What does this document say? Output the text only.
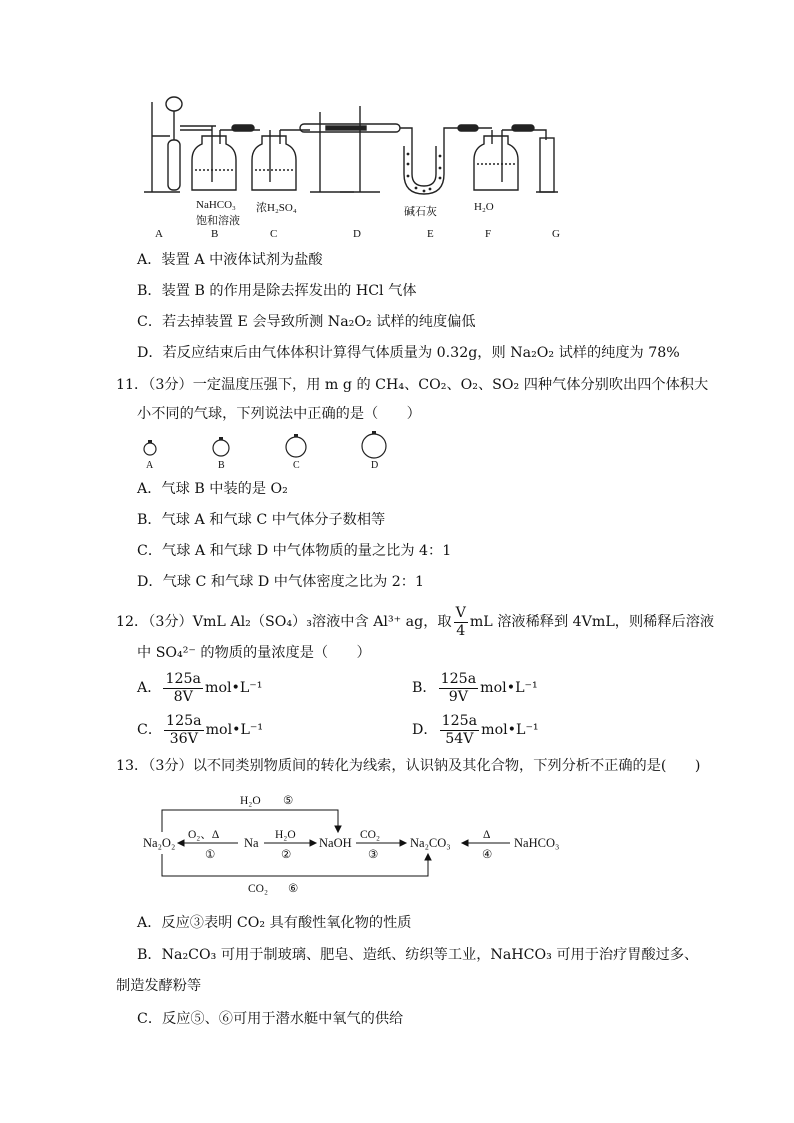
NaHCO₃
饱和溶液
浓H₂SO₄	碱石灰	H₂O
A	B	C	D	E	F	G
A．装置 A 中液体试剂为盐酸
B．装置 B 的作用是除去挥发出的 HCl 气体
C．若去掉装置 E 会导致所测 Na₂O₂ 试样的纯度偏低
D．若反应结束后由气体体积计算得气体质量为 0.32g，则 Na₂O₂ 试样的纯度为 78%
11．（3分）一定温度压强下，用 m g 的 CH₄、CO₂、O₂、SO₂ 四种气体分别吹出四个体积大
小不同的气球，下列说法中正确的是（　　）
A	B	C	D
A．气球 B 中装的是 O₂
B．气球 A 和气球 C 中气体分子数相等
C．气球 A 和气球 D 中气体物质的量之比为 4：1
D．气球 C 和气球 D 中气体密度之比为 2：1
12．（3分）VmL Al₂（SO₄）₃溶液中含 Al³⁺ ag，取 $\frac{V}{4}$ mL 溶液稀释到 4VmL，则稀释后溶液
中 SO₄²⁻ 的物质的量浓度是（　　）
A． $\frac{125a}{8V}$ mol•L⁻¹	B． $\frac{125a}{9V}$ mol•L⁻¹
C． $\frac{125a}{36V}$ mol•L⁻¹	D． $\frac{125a}{54V}$ mol•L⁻¹
13．（3分）以不同类别物质间的转化为线索，认识钠及其化合物，下列分析不正确的是(　　)
Na₂O₂	Na	NaOH	Na₂CO₃	NaHCO₃
O₂、Δ
①
H₂O
②
CO₂
③
Δ
④
H₂O ⑤
CO₂ ⑥
A．反应③表明 CO₂ 具有酸性氧化物的性质
B．Na₂CO₃ 可用于制玻璃、肥皂、造纸、纺织等工业，NaHCO₃ 可用于治疗胃酸过多、
制造发酵粉等
C．反应⑤、⑥可用于潜水艇中氧气的供给
